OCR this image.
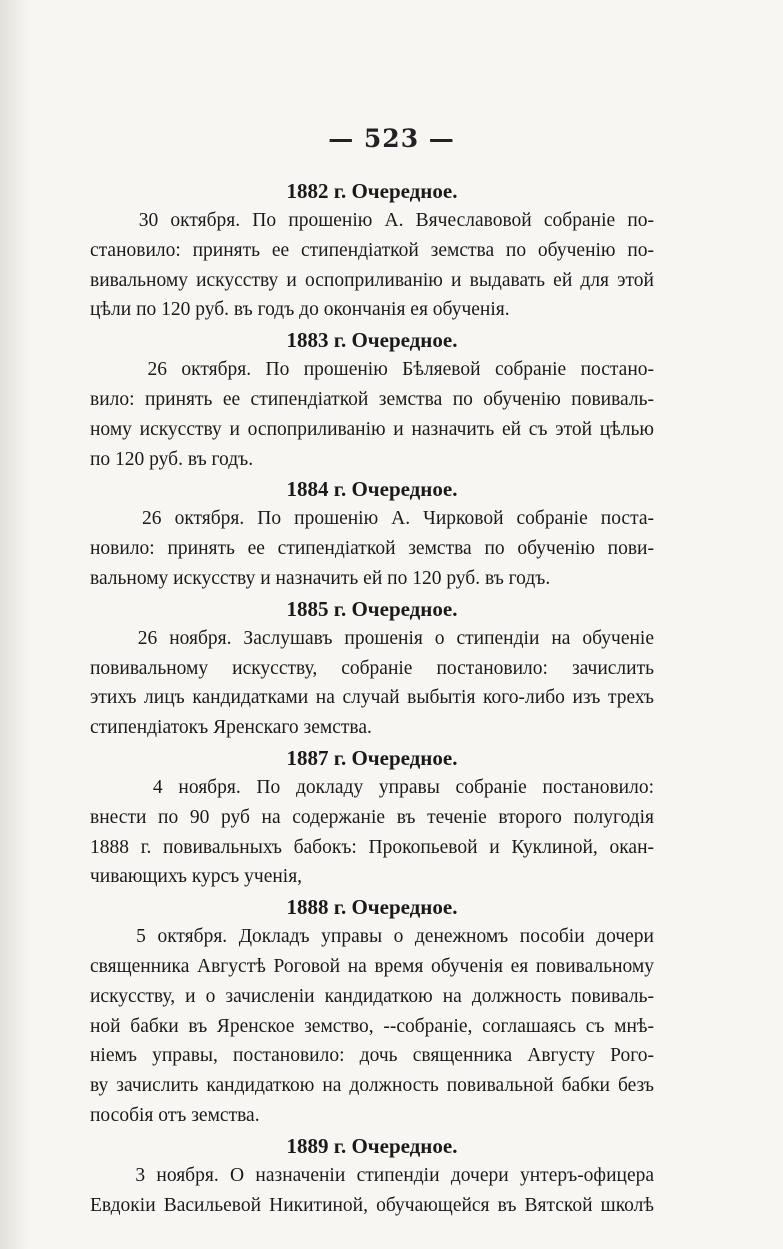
— 523 —
1882 г. Очередное.

30 октября. По прошенію А. Вячеславовой собраніе по-
становило: принять ее стипендіаткой земства по обученію по-
вивальному искусству и оспоприливанію и выдавать ей для этой
цѣли по 120 руб. въ годъ до окончанія ея обученія.

1883 г. Очередное.

26 октября. По прошенію Бѣляевой собраніе постано-
вило: принять ее стипендіаткой земства по обученію повиваль-
ному искусству и оспоприливанію и назначить ей съ этой цѣлью
по 120 руб. въ годъ.

1884 г. Очередное.

26 октября. По прошенію А. Чирковой собраніе поста-
новило: принять ее стипендіаткой земства по обученію пови-
вальному искусству и назначить ей по 120 руб. въ годъ.

1885 г. Очередное.

26 ноября. Заслушавъ прошенія о стипендіи на обученіе
повивальному искусству, собраніе постановило: зачислить
этихъ лицъ кандидатками на случай выбытія кого-либо изъ трехъ
стипендіатокъ Яренскаго земства.

1887 г. Очередное.

4 ноября. По докладу управы собраніе постановило:
внести по 90 руб на содержаніе въ теченіе второго полугодія
1888 г. повивальныхъ бабокъ: Прокопьевой и Куклиной, окан-
чивающихъ курсъ ученія,

1888 г. Очередное.

5 октября. Докладъ управы о денежномъ пособіи дочери
священника Августѣ Роговой на время обученія ея повивальному
искусству, и о зачисленіи кандидаткою на должность повиваль-
ной бабки въ Яренское земство, --собраніе, соглашаясь съ мнѣ-
ніемъ управы, постановило: дочь священника Августу Рого-
ву зачислить кандидаткою на должность повивальной бабки безъ
пособія отъ земства.

1889 г. Очередное.

3 ноября. О назначеніи стипендіи дочери унтеръ-офицера
Евдокіи Васильевой Никитиной, обучающейся въ Вятской школѣ
